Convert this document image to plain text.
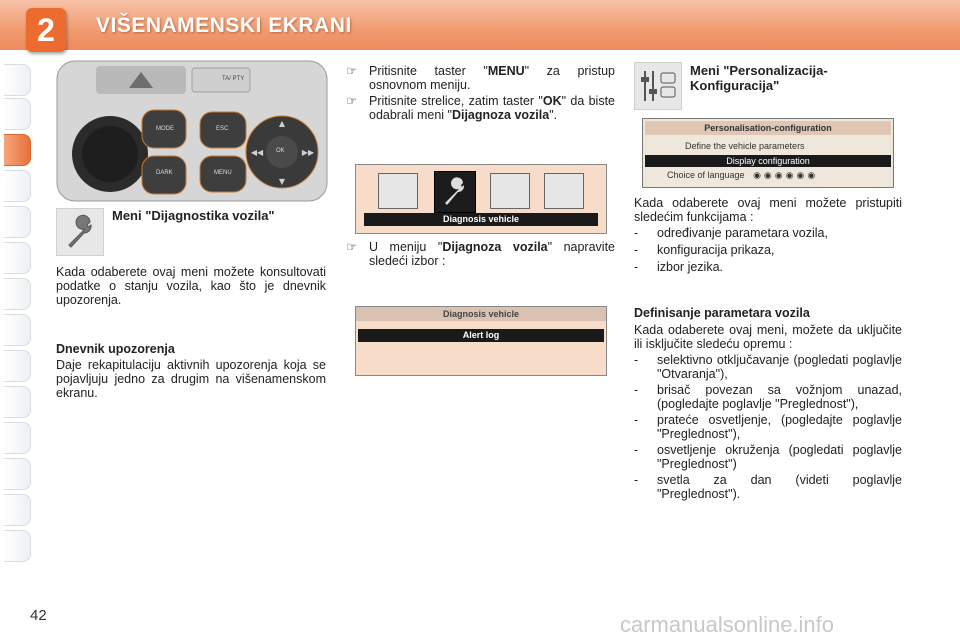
2	VIŠENAMENSKI EKRANI
▲
▼
◀◀	▶▶
TA/ PTY
MODE
DARK
ESC
MENU
OK
Meni "Dijagnostika vozila"
Kada odaberete ovaj meni možete konsultovati podatke o stanju vozila, kao što je dnevnik upozorenja.
Dnevnik upozorenja
Daje rekapitulaciju aktivnih upozorenja koja se pojavljuju jedno za drugim na višenamenskom ekranu.
☞ Pritisnite taster "MENU" za pristup osnovnom meniju.
☞ Pritisnite strelice, zatim taster "OK" da biste odabrali meni "Dijagnoza vozila".
Diagnosis vehicle
☞ U meniju "Dijagnoza vozila" napravite sledeći izbor :
Diagnosis vehicle
Alert log
Meni "Personalizacija-Konfiguracija"
Personalisation-configuration
Define the vehicle parameters
Display configuration
Choice of language ◉◉◉◉◉◉
Kada odaberete ovaj meni možete pristupiti sledećim funkcijama :
- određivanje parametara vozila,
- konfiguracija prikaza,
- izbor jezika.
Definisanje parametara vozila
Kada odaberete ovaj meni, možete da uključite ili isključite sledeću opremu :
- selektivno otključavanje (pogledati poglavlje "Otvaranja"),
- brisač povezan sa vožnjom unazad, (pogledajte poglavlje "Preglednost"),
- prateće osvetljenje, (pogledajte poglavlje "Preglednost"),
- osvetljenje okruženja (pogledati poglavlje "Preglednost")
- svetla za dan (videti poglavlje "Preglednost").
42	carmanualsonline.info
